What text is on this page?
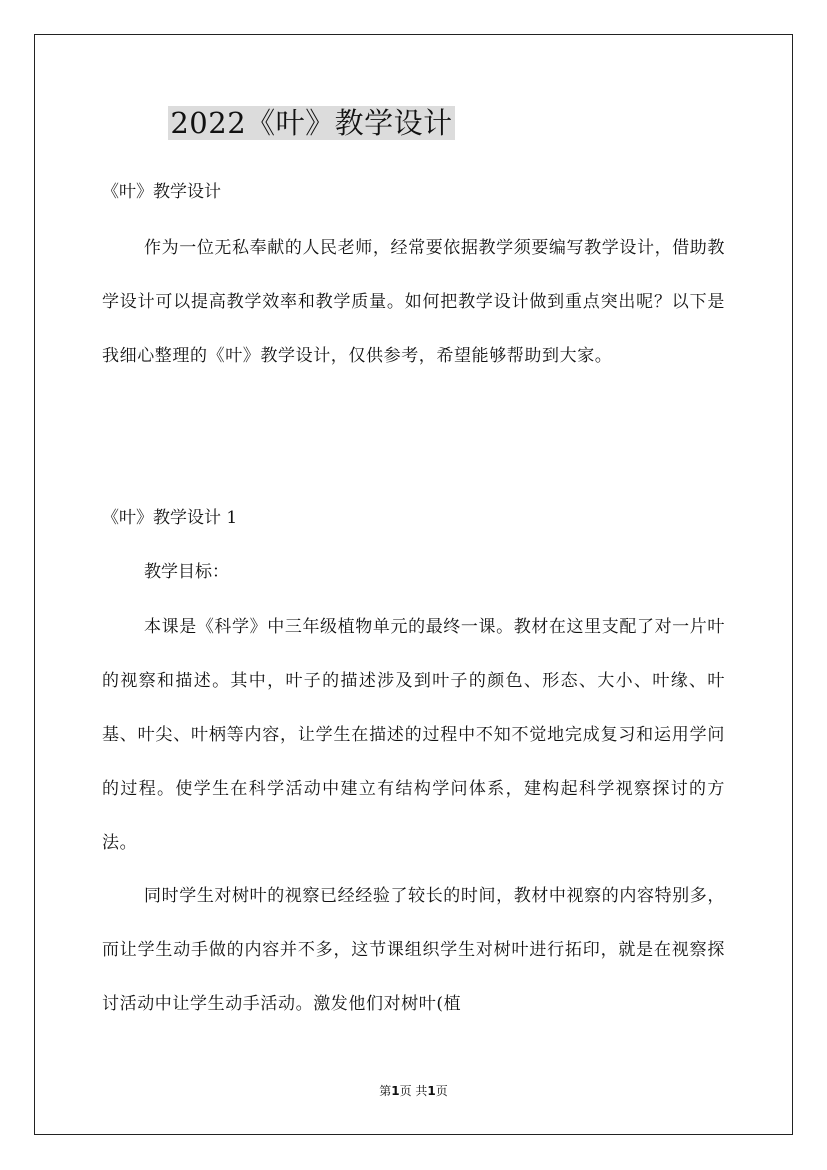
2022《叶》教学设计

《叶》教学设计

作为一位无私奉献的人民老师，经常要依据教学须要编写教学设计，借助教学设计可以提高教学效率和教学质量。如何把教学设计做到重点突出呢？以下是我细心整理的《叶》教学设计，仅供参考，希望能够帮助到大家。

《叶》教学设计 1

教学目标：

本课是《科学》中三年级植物单元的最终一课。教材在这里支配了对一片叶的视察和描述。其中，叶子的描述涉及到叶子的颜色、形态、大小、叶缘、叶基、叶尖、叶柄等内容，让学生在描述的过程中不知不觉地完成复习和运用学问的过程。使学生在科学活动中建立有结构学问体系，建构起科学视察探讨的方法。

同时学生对树叶的视察已经经验了较长的时间，教材中视察的内容特别多，而让学生动手做的内容并不多，这节课组织学生对树叶进行拓印，就是在视察探讨活动中让学生动手活动。激发他们对树叶(植

第1页 共1页
